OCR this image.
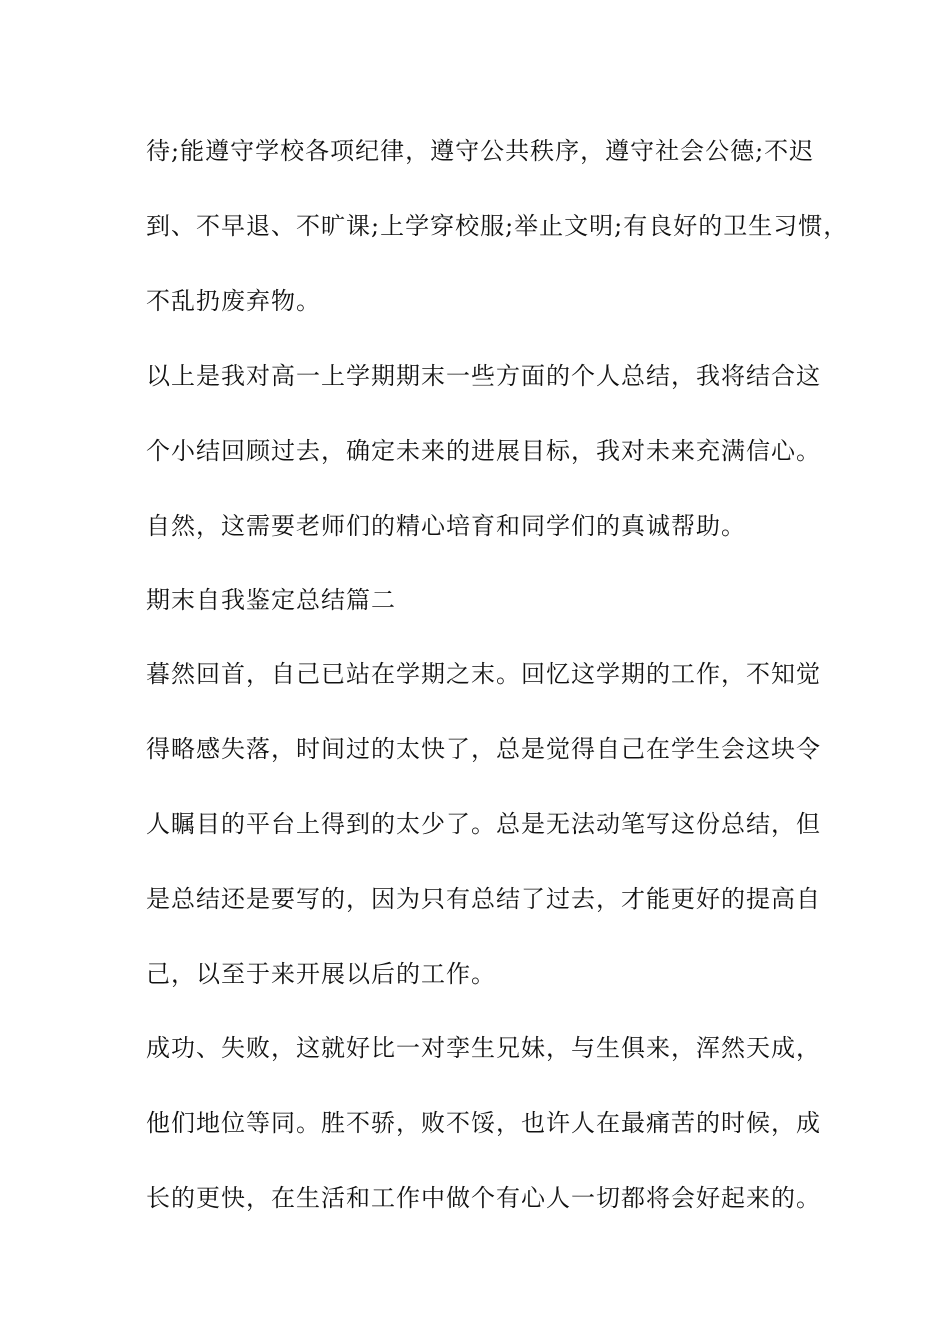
待;能遵守学校各项纪律，遵守公共秩序，遵守社会公德;不迟
到、不早退、不旷课;上学穿校服;举止文明;有良好的卫生习惯，
不乱扔废弃物。
以上是我对高一上学期期末一些方面的个人总结，我将结合这
个小结回顾过去，确定未来的进展目标，我对未来充满信心。
自然，这需要老师们的精心培育和同学们的真诚帮助。
期末自我鉴定总结篇二
暮然回首，自己已站在学期之末。回忆这学期的工作，不知觉
得略感失落，时间过的太快了，总是觉得自己在学生会这块令
人瞩目的平台上得到的太少了。总是无法动笔写这份总结，但
是总结还是要写的，因为只有总结了过去，才能更好的提高自
己，以至于来开展以后的工作。
成功、失败，这就好比一对孪生兄妹，与生俱来，浑然天成，
他们地位等同。胜不骄，败不馁，也许人在最痛苦的时候，成
长的更快，在生活和工作中做个有心人一切都将会好起来的。
